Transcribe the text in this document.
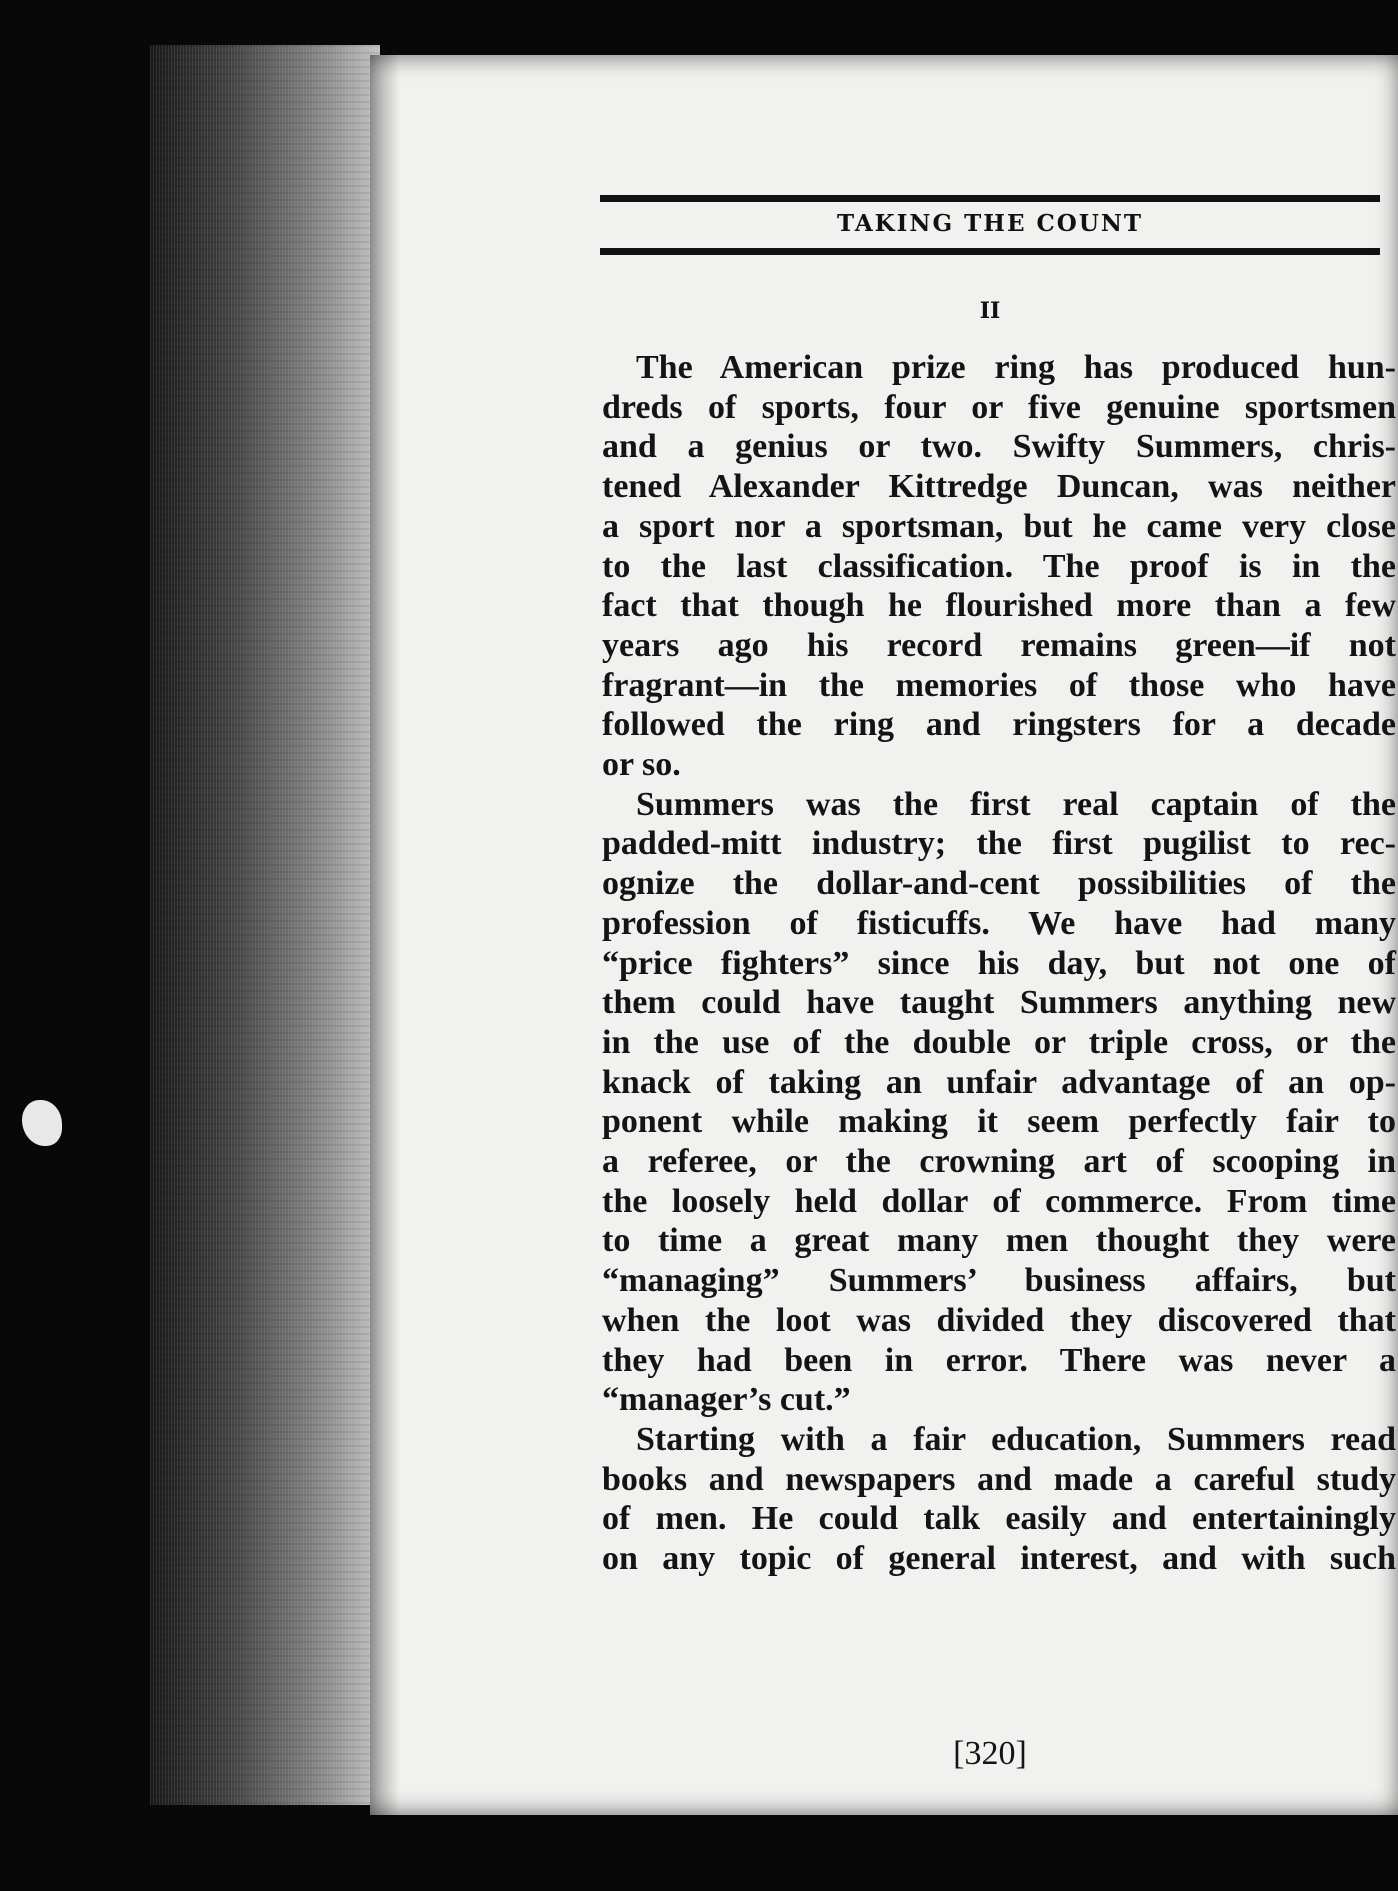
TAKING THE COUNT
II
The American prize ring has produced hun-
dreds of sports, four or five genuine sportsmen
and a genius or two. Swifty Summers, chris-
tened Alexander Kittredge Duncan, was neither
a sport nor a sportsman, but he came very close
to the last classification. The proof is in the
fact that though he flourished more than a few
years ago his record remains green—if not
fragrant—in the memories of those who have
followed the ring and ringsters for a decade
or so.
Summers was the first real captain of the
padded-mitt industry; the first pugilist to rec-
ognize the dollar-and-cent possibilities of the
profession of fisticuffs. We have had many
“price fighters” since his day, but not one of
them could have taught Summers anything new
in the use of the double or triple cross, or the
knack of taking an unfair advantage of an op-
ponent while making it seem perfectly fair to
a referee, or the crowning art of scooping in
the loosely held dollar of commerce. From time
to time a great many men thought they were
“managing” Summers’ business affairs, but
when the loot was divided they discovered that
they had been in error. There was never a
“manager’s cut.”
Starting with a fair education, Summers read
books and newspapers and made a careful study
of men. He could talk easily and entertainingly
on any topic of general interest, and with such
[320]
